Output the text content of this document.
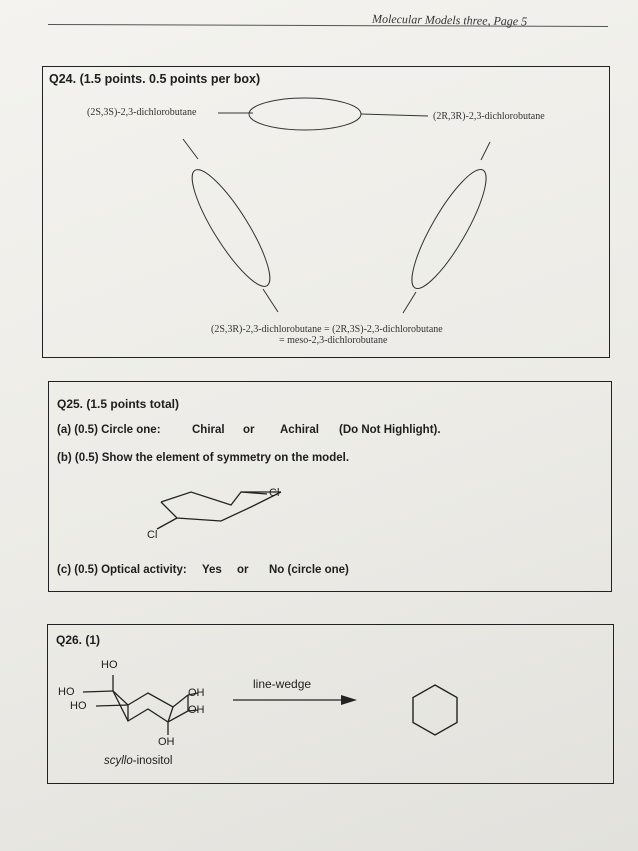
Molecular Models three, Page 5
Q24. (1.5 points. 0.5 points per box)
(2S,3S)-2,3-dichlorobutane	(2R,3R)-2,3-dichlorobutane
(2S,3R)-2,3-dichlorobutane = (2R,3S)-2,3-dichlorobutane
= meso-2,3-dichlorobutane
Q25. (1.5 points total)
(a) (0.5) Circle one:	Chiral or Achiral (Do Not Highlight).
(b) (0.5) Show the element of symmetry on the model.
Cl
Cl
(c) (0.5) Optical activity: Yes or No (circle one)
Q26. (1)
HO
HO
HO
OH
OH
OH
scyllo-inositol
line-wedge
